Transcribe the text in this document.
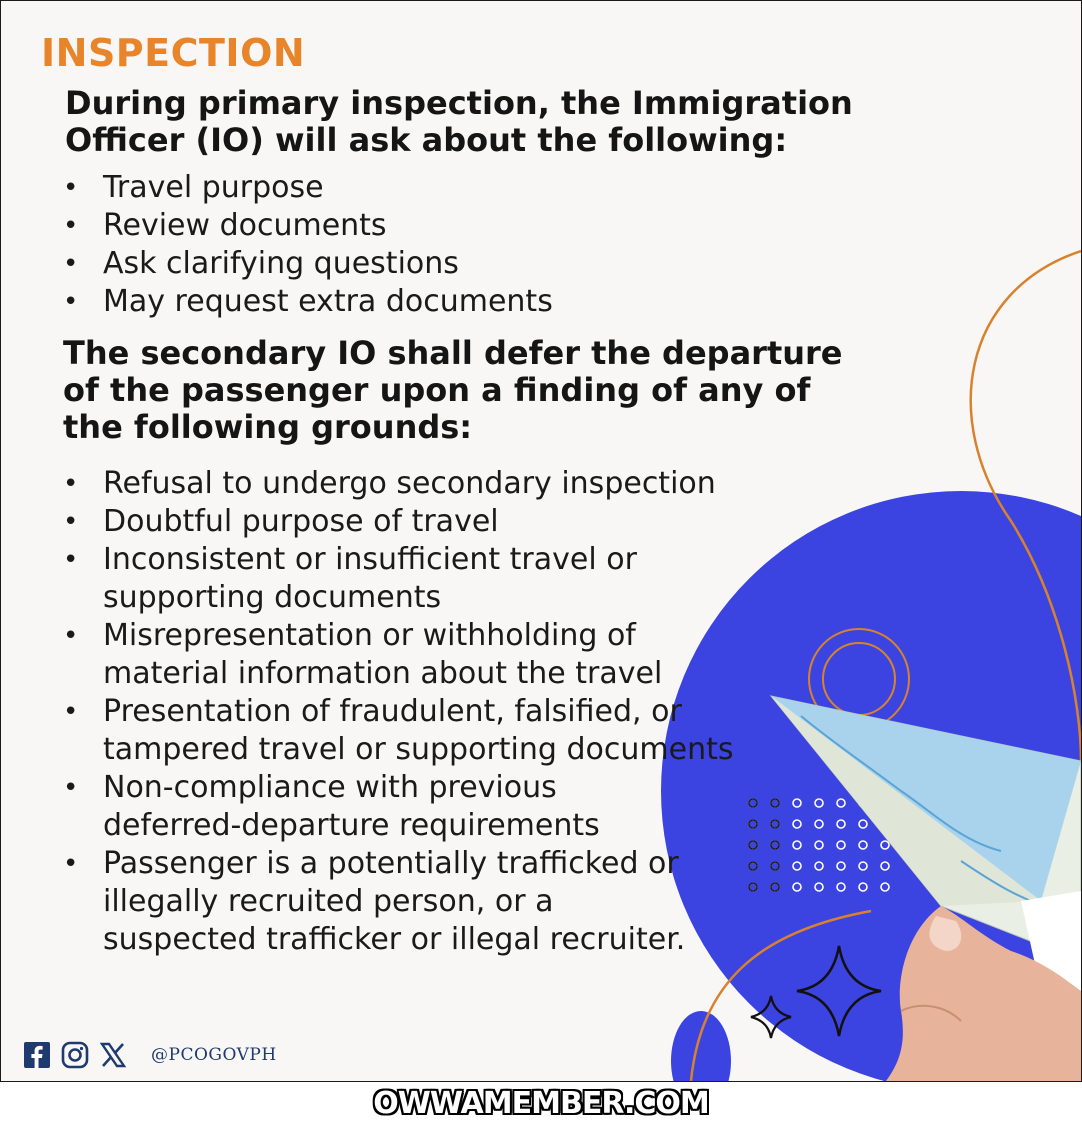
INSPECTION

During primary inspection, the Immigration Officer (IO) will ask about the following:

• Travel purpose
• Review documents
• Ask clarifying questions
• May request extra documents

The secondary IO shall defer the departure of the passenger upon a finding of any of the following grounds:

• Refusal to undergo secondary inspection
• Doubtful purpose of travel
• Inconsistent or insufficient travel or supporting documents
• Misrepresentation or withholding of material information about the travel
• Presentation of fraudulent, falsified, or tampered travel or supporting documents
• Non-compliance with previous deferred-departure requirements
• Passenger is a potentially trafficked or illegally recruited person, or a suspected trafficker or illegal recruiter.
@PCOGOVPH
OWWAMEMBER.COM
